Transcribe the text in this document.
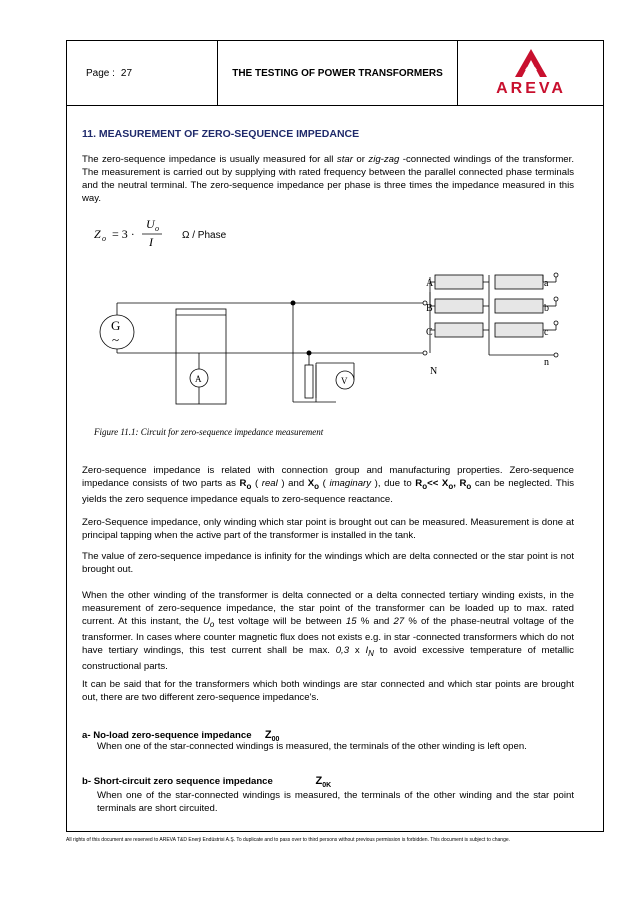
Page : 27	THE TESTING OF POWER TRANSFORMERS
AREVA
11. MEASUREMENT OF ZERO-SEQUENCE IMPEDANCE

The zero-sequence impedance is usually measured for all star or zig-zag -connected windings of the transformer. The measurement is carried out by supplying with rated frequency between the parallel connected phase terminals and the neutral terminal. The zero-sequence impedance per phase is three times the impedance measured in this way.

Z o = 3 ·
U o
I	Ω / Phase
G
~
A	V
A
B
C
N
a
b
c
n
Figure 11.1: Circuit for zero-sequence impedance measurement

Zero-sequence impedance is related with connection group and manufacturing properties. Zero-sequence impedance consists of two parts as $R_o$ ( real ) and $X_o$ ( imaginary ), due to $R_o<< X_o$, $R_o$ can be neglected. This yields the zero sequence impedance equals to zero-sequence reactance.

Zero-Sequence impedance, only winding which star point is brought out can be measured. Measurement is done at principal tapping when the active part of the transformer is installed in the tank.

The value of zero-sequence impedance is infinity for the windings which are delta connected or the star point is not brought out.

When the other winding of the transformer is delta connected or a delta connected tertiary winding exists, in the measurement of zero-sequence impedance, the star point of the transformer can be loaded up to max. rated current. At this instant, the $U_o$ test voltage will be between 15 % and 27 % of the phase-neutral voltage of the transformer. In cases where counter magnetic flux does not exists e.g. in star -connected transformers which do not have tertiary windings, this test current shall be max. 0,3 x $I_N$ to avoid excessive temperature of metallic constructional parts.

It can be said that for the transformers which both windings are star connected and which star points are brought out, there are two different zero-sequence impedance's.

a- No-load zero-sequence impedance $Z_{00}$

When one of the star-connected windings is measured, the terminals of the other winding is left open.

b- Short-circuit zero sequence impedance	$Z_{0K}$

When one of the star-connected windings is measured, the terminals of the other winding and the star point terminals are short circuited.

All rights of this document are reserved to AREVA T&D Enerji Endüstrisi A.Ş. To duplicate and to pass over to third persons without previous permission is forbidden. This document is subject to change.
